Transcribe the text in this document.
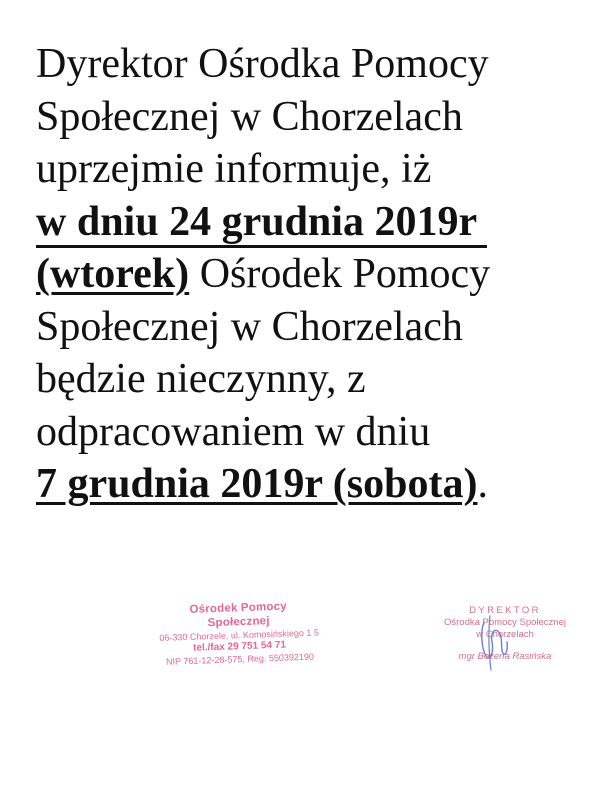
Dyrektor Ośrodka Pomocy
Społecznej w Chorzelach
uprzejmie informuje, iż
w dniu 24 grudnia 2019r
(wtorek) Ośrodek Pomocy
Społecznej w Chorzelach
będzie nieczynny, z
odpracowaniem w dniu
7 grudnia 2019r (sobota).
Ośrodek Pomocy Społecznej
06-330 Chorzele, ul. Komosińskiego 1 5
tel./fax 29 751 54 71
NIP 761-12-28-575, Reg. 550392190
DYREKTOR
Ośrodka Pomocy Społecznej
w Chorzelach
mgr Bożena Rasińska
